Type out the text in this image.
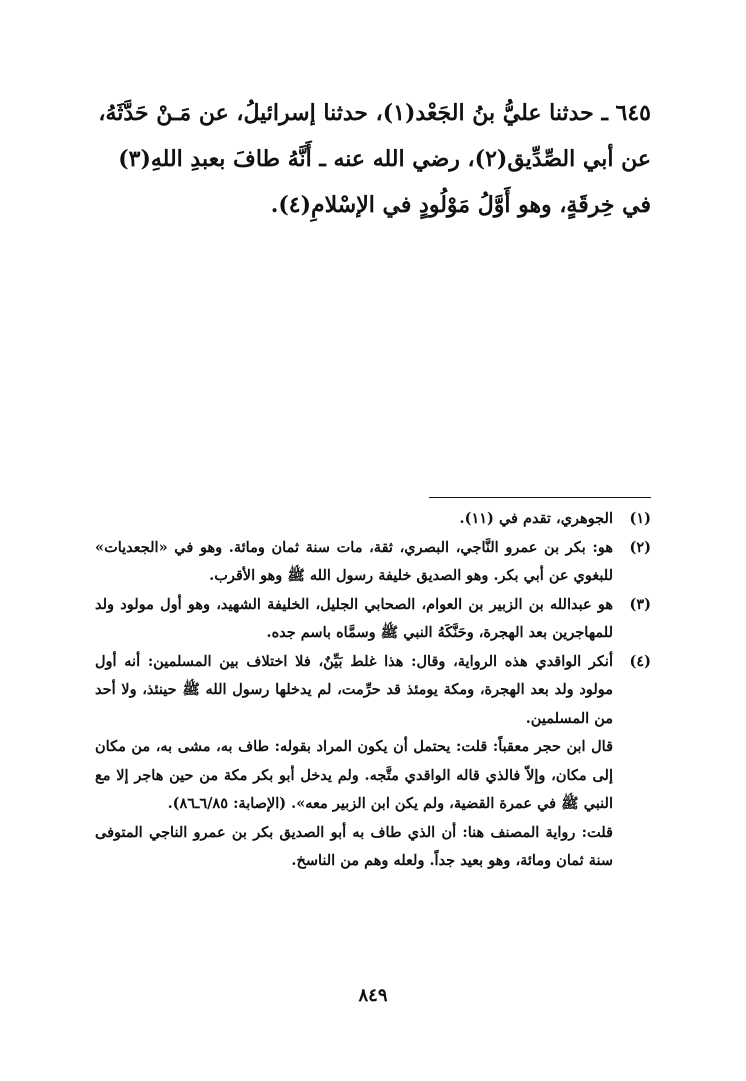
٦٤٥ ـ حدثنا عليُّ بنُ الجَعْد(١)، حدثنا إسرائيلُ، عن مَـنْ حَدَّثَهُ،

عن أبي الصِّدِّيق(٢)، رضي الله عنه ـ أَنَّهُ طافَ بعبدِ اللهِ(٣)

في خِرقَةٍ، وهو أَوَّلُ مَوْلُودٍ في الإسْلامِ(٤).

(١)

الجوهري، تقدم في (١١).

(٢)

هو: بكر بن عمرو النَّاجي، البصري، ثقة، مات سنة ثمان ومائة. وهو في «الجعديات» للبغوي عن أبي بكر. وهو الصديق خليفة رسول الله ﷺ وهو الأقرب.

(٣)

هو عبدالله بن الزبير بن العوام، الصحابي الجليل، الخليفة الشهيد، وهو أول مولود ولد للمهاجرين بعد الهجرة، وحَنَّكَهُ النبي ﷺ وسمَّاه باسم جده.

(٤)

أنكر الواقدي هذه الرواية، وقال: هذا غلط بَيِّنٌ، فلا اختلاف بين المسلمين: أنه أول مولود ولد بعد الهجرة، ومكة يومئذ قد حرِّمت، لم يدخلها رسول الله ﷺ حينئذ، ولا أحد من المسلمين.

قال ابن حجر معقباً: قلت: يحتمل أن يكون المراد بقوله: طاف به، مشى به، من مكان إلى مكان، وإلاّ فالذي قاله الواقدي متَّجه. ولم يدخل أبو بكر مكة من حين هاجر إلا مع النبي ﷺ في عمرة القضية، ولم يكن ابن الزبير معه». (الإصابة: ٦/٨٥ـ٨٦).

قلت: رواية المصنف هنا: أن الذي طاف به أبو الصديق بكر بن عمرو الناجي المتوفى سنة ثمان ومائة، وهو بعيد جداً. ولعله وهم من الناسخ.

٨٤٩
